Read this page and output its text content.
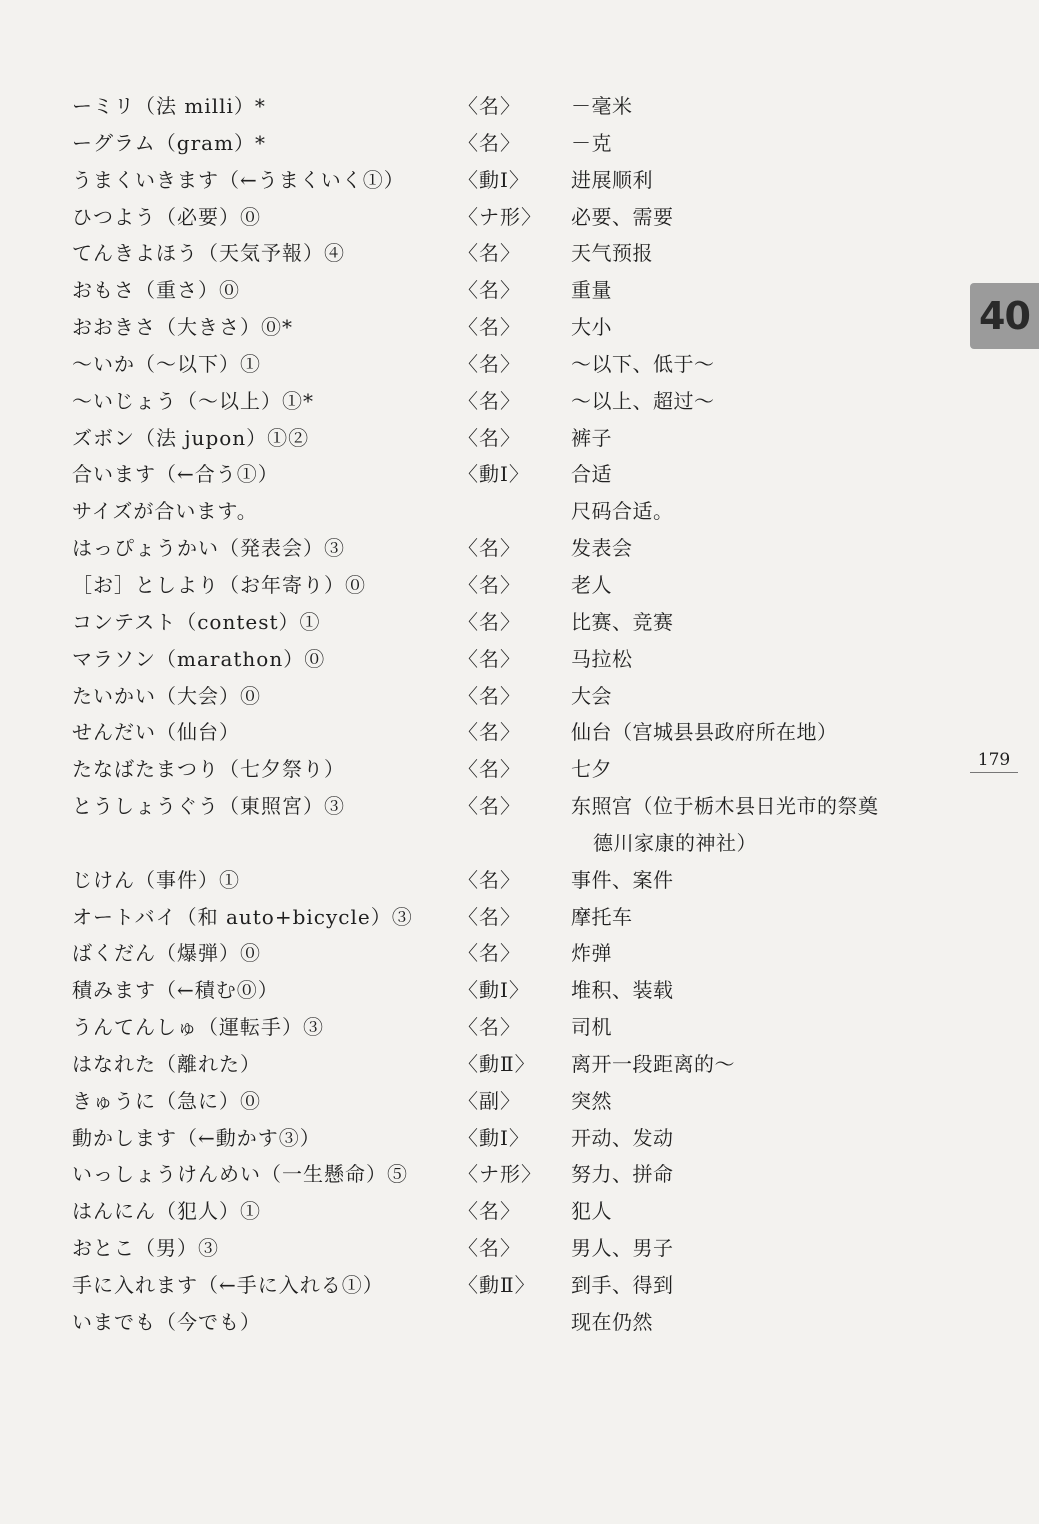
ーミリ（法 milli）*	〈名〉	－毫米
ーグラム（gram）*	〈名〉	－克
うまくいきます（←うまくいく①）	〈動Ⅰ〉 进展顺利
ひつよう（必要）⓪	〈ナ形〉 必要、需要
てんきよほう（天気予報）④	〈名〉	天气预报
おもさ（重さ）⓪	〈名〉	重量
おおきさ（大きさ）⓪*	〈名〉	大小
～いか（～以下）①	〈名〉	～以下、低于～
～いじょう（～以上）①*	〈名〉	～以上、超过～
ズボン（法 jupon）①②	〈名〉	裤子
合います（←合う①）	〈動Ⅰ〉 合适
サイズが合います。	尺码合适。
はっぴょうかい（発表会）③	〈名〉	发表会
［お］としより（お年寄り）⓪	〈名〉	老人
コンテスト（contest）①	〈名〉	比赛、竞赛
マラソン（marathon）⓪	〈名〉	马拉松
たいかい（大会）⓪	〈名〉	大会
せんだい（仙台）	〈名〉	仙台（宫城县县政府所在地）
たなばたまつり（七夕祭り）	〈名〉	七夕
とうしょうぐう（東照宮）③	〈名〉	东照宫（位于栃木县日光市的祭奠
德川家康的神社）
じけん（事件）①	〈名〉	事件、案件
オートバイ（和 auto+bicycle）③ 〈名〉	摩托车
ばくだん（爆弾）⓪	〈名〉	炸弹
積みます（←積む⓪）	〈動Ⅰ〉 堆积、装载
うんてんしゅ（運転手）③	〈名〉	司机
はなれた（離れた）	〈動Ⅱ〉 离开一段距离的～
きゅうに（急に）⓪	〈副〉	突然
動かします（←動かす③）	〈動Ⅰ〉 开动、发动
いっしょうけんめい（一生懸命）⑤	〈ナ形〉 努力、拼命
はんにん（犯人）①	〈名〉	犯人
おとこ（男）③	〈名〉	男人、男子
手に入れます（←手に入れる①）	〈動Ⅱ〉 到手、得到
いまでも（今でも）	现在仍然
40
179
